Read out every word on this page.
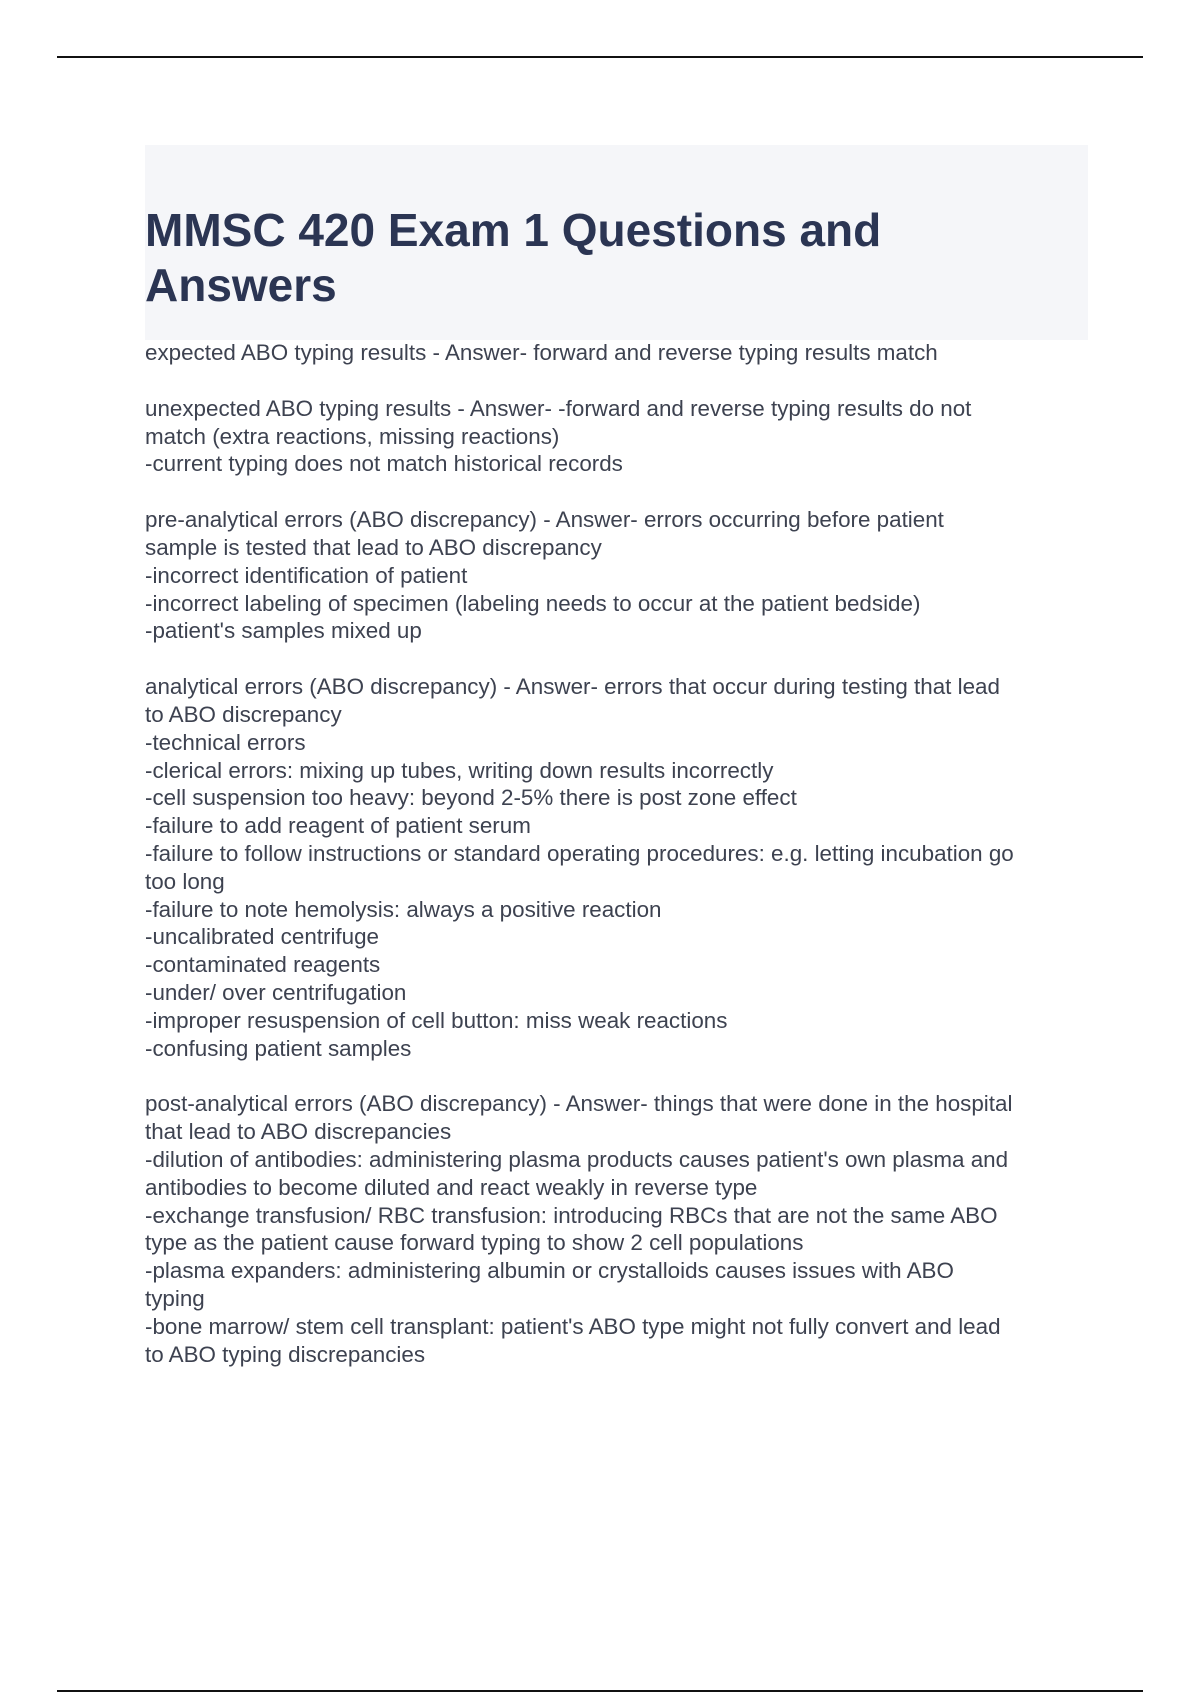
MMSC 420 Exam 1 Questions and
Answers
expected ABO typing results - Answer- forward and reverse typing results match
unexpected ABO typing results - Answer- -forward and reverse typing results do not
match (extra reactions, missing reactions)
-current typing does not match historical records
pre-analytical errors (ABO discrepancy) - Answer- errors occurring before patient
sample is tested that lead to ABO discrepancy
-incorrect identification of patient
-incorrect labeling of specimen (labeling needs to occur at the patient bedside)
-patient's samples mixed up
analytical errors (ABO discrepancy) - Answer- errors that occur during testing that lead
to ABO discrepancy
-technical errors
-clerical errors: mixing up tubes, writing down results incorrectly
-cell suspension too heavy: beyond 2-5% there is post zone effect
-failure to add reagent of patient serum
-failure to follow instructions or standard operating procedures: e.g. letting incubation go
too long
-failure to note hemolysis: always a positive reaction
-uncalibrated centrifuge
-contaminated reagents
-under/ over centrifugation
-improper resuspension of cell button: miss weak reactions
-confusing patient samples
post-analytical errors (ABO discrepancy) - Answer- things that were done in the hospital
that lead to ABO discrepancies
-dilution of antibodies: administering plasma products causes patient's own plasma and
antibodies to become diluted and react weakly in reverse type
-exchange transfusion/ RBC transfusion: introducing RBCs that are not the same ABO
type as the patient cause forward typing to show 2 cell populations
-plasma expanders: administering albumin or crystalloids causes issues with ABO
typing
-bone marrow/ stem cell transplant: patient's ABO type might not fully convert and lead
to ABO typing discrepancies
